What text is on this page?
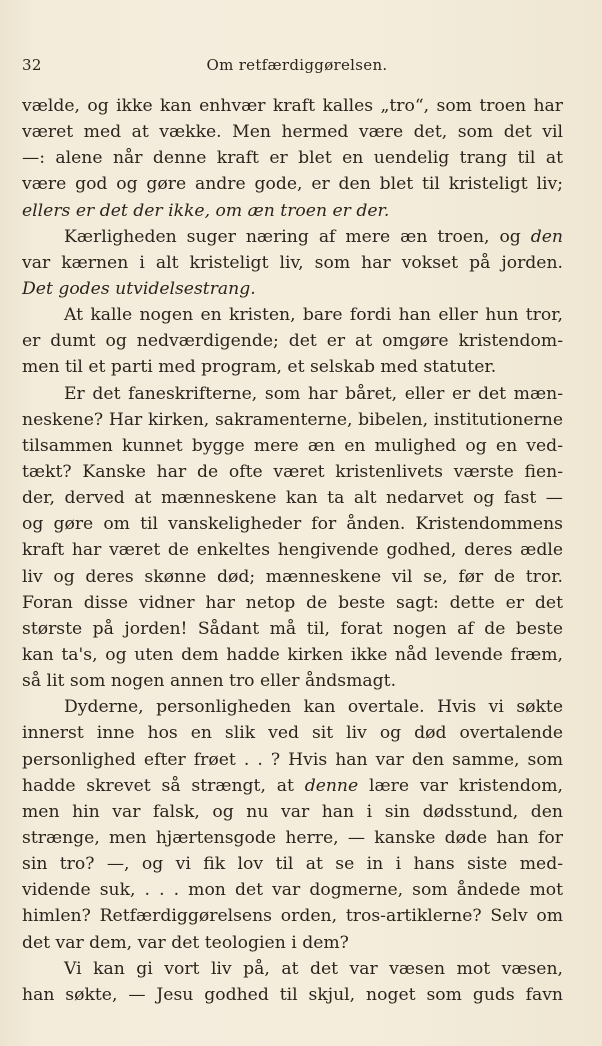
32	Om retfærdiggørelsen.
vælde, og ikke kan enhvær kraft kalles „tro“, som troen har
været med at vække. Men hermed være det, som det vil
—: alene når denne kraft er blet en uendelig trang til at
være god og gøre andre gode, er den blet til kristeligt liv;
ellers er det der ikke, om æn troen er der.
Kærligheden suger næring af mere æn troen, og den
var kærnen i alt kristeligt liv, som har vokset på jorden.
Det godes utvidelsestrang.
At kalle nogen en kristen, bare fordi han eller hun tror,
er dumt og nedværdigende; det er at omgøre kristendom-
men til et parti med program, et selskab med statuter.
Er det faneskrifterne, som har båret, eller er det mæn-
neskene? Har kirken, sakramenterne, bibelen, institutionerne
tilsammen kunnet bygge mere æn en mulighed og en ved-
tækt? Kanske har de ofte været kristenlivets værste fien-
der, derved at mænneskene kan ta alt nedarvet og fast —
og gøre om til vanskeligheder for ånden. Kristendommens
kraft har været de enkeltes hengivende godhed, deres ædle
liv og deres skønne død; mænneskene vil se, før de tror.
Foran disse vidner har netop de beste sagt: dette er det
største på jorden! Sådant må til, forat nogen af de beste
kan ta's, og uten dem hadde kirken ikke nåd levende fræm,
så lit som nogen annen tro eller åndsmagt.
Dyderne, personligheden kan overtale. Hvis vi søkte
innerst inne hos en slik ved sit liv og død overtalende
personlighed efter frøet . . ? Hvis han var den samme, som
hadde skrevet så strængt, at denne lære var kristendom,
men hin var falsk, og nu var han i sin dødsstund, den
strænge, men hjærtensgode herre, — kanske døde han for
sin tro? —, og vi fik lov til at se in i hans siste med-
vidende suk, . . . mon det var dogmerne, som åndede mot
himlen? Retfærdiggørelsens orden, tros-artiklerne? Selv om
det var dem, var det teologien i dem?
Vi kan gi vort liv på, at det var væsen mot væsen,
han søkte, — Jesu godhed til skjul, noget som guds favn
